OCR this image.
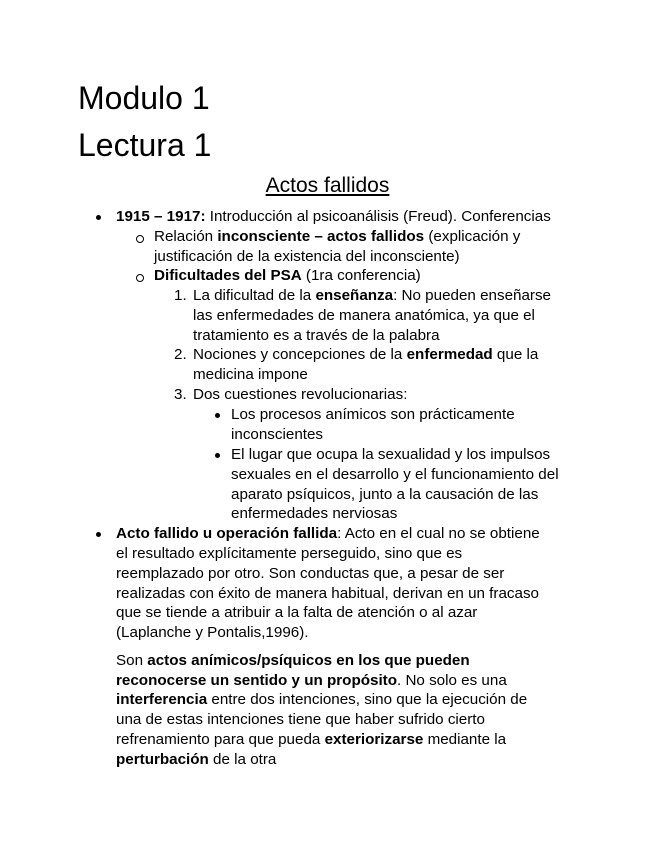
Modulo 1
Lectura 1
Actos fallidos
1915 – 1917: Introducción al psicoanálisis (Freud). Conferencias
Relación inconsciente – actos fallidos (explicación y
justificación de la existencia del inconsciente)
Dificultades del PSA (1ra conferencia)
1. La dificultad de la enseñanza: No pueden enseñarse
las enfermedades de manera anatómica, ya que el
tratamiento es a través de la palabra
2. Nociones y concepciones de la enfermedad que la
medicina impone
3. Dos cuestiones revolucionarias:
Los procesos anímicos son prácticamente
inconscientes
El lugar que ocupa la sexualidad y los impulsos
sexuales en el desarrollo y el funcionamiento del
aparato psíquicos, junto a la causación de las
enfermedades nerviosas
Acto fallido u operación fallida: Acto en el cual no se obtiene
el resultado explícitamente perseguido, sino que es
reemplazado por otro. Son conductas que, a pesar de ser
realizadas con éxito de manera habitual, derivan en un fracaso
que se tiende a atribuir a la falta de atención o al azar
(Laplanche y Pontalis,1996).
Son actos anímicos/psíquicos en los que pueden
reconocerse un sentido y un propósito. No solo es una
interferencia entre dos intenciones, sino que la ejecución de
una de estas intenciones tiene que haber sufrido cierto
refrenamiento para que pueda exteriorizarse mediante la
perturbación de la otra
